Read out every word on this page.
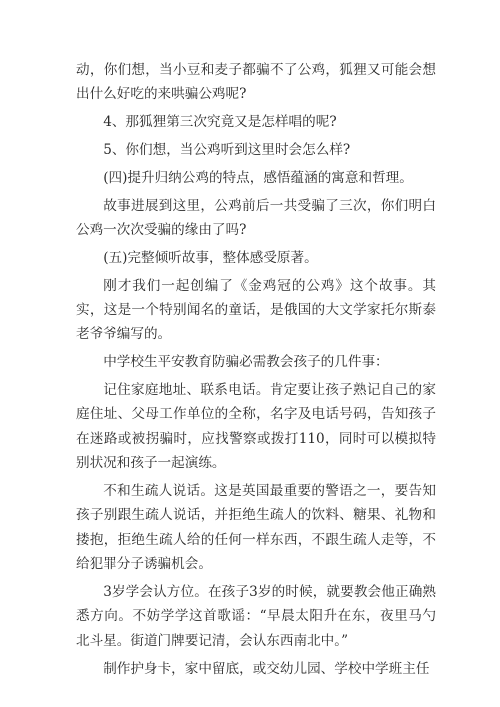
动，你们想，当小豆和麦子都骗不了公鸡，狐狸又可能会想出什么好吃的来哄骗公鸡呢?

4、那狐狸第三次究竟又是怎样唱的呢?

5、你们想，当公鸡听到这里时会怎么样?

(四)提升归纳公鸡的特点，感悟蕴涵的寓意和哲理。

故事进展到这里，公鸡前后一共受骗了三次，你们明白公鸡一次次受骗的缘由了吗?

(五)完整倾听故事，整体感受原著。

刚才我们一起创编了《金鸡冠的公鸡》这个故事。其实，这是一个特别闻名的童话，是俄国的大文学家托尔斯泰老爷爷编写的。

中学校生平安教育防骗必需教会孩子的几件事：

记住家庭地址、联系电话。肯定要让孩子熟记自己的家庭住址、父母工作单位的全称，名字及电话号码，告知孩子在迷路或被拐骗时，应找警察或拨打110，同时可以模拟特别状况和孩子一起演练。

不和生疏人说话。这是英国最重要的警语之一，要告知孩子别跟生疏人说话，并拒绝生疏人的饮料、糖果、礼物和搂抱，拒绝生疏人给的任何一样东西，不跟生疏人走等，不给犯罪分子诱骗机会。

3岁学会认方位。在孩子3岁的时候，就要教会他正确熟悉方向。不妨学学这首歌谣：“早晨太阳升在东，夜里马勺北斗星。街道门牌要记清，会认东西南北中。”

制作护身卡，家中留底，或交幼儿园、学校中学班主任
